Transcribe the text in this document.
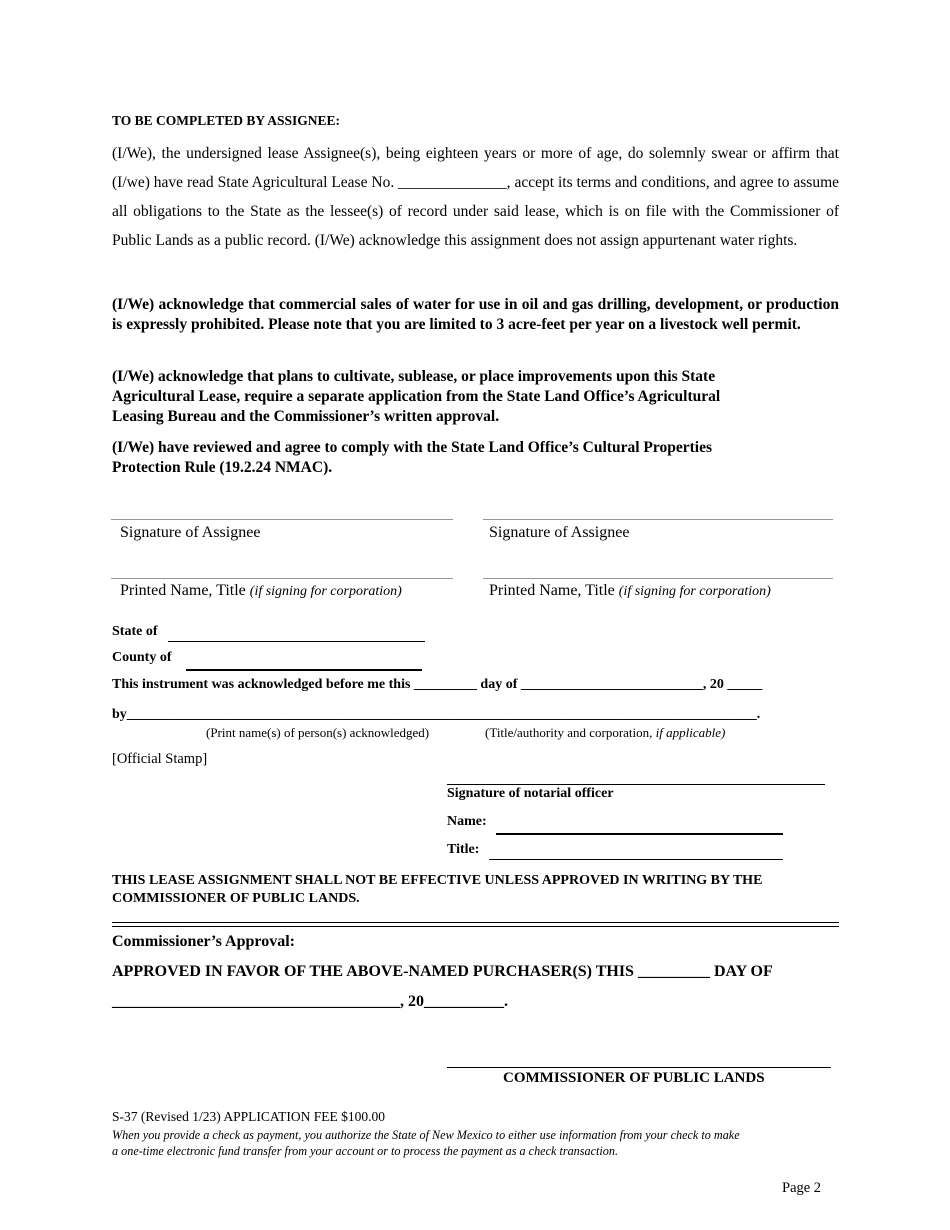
TO BE COMPLETED BY ASSIGNEE:
(I/We), the undersigned lease Assignee(s), being eighteen years or more of age, do solemnly swear or affirm that (I/we) have read State Agricultural Lease No. ______________, accept its terms and conditions, and agree to assume all obligations to the State as the lessee(s) of record under said lease, which is on file with the Commissioner of Public Lands as a public record. (I/We) acknowledge this assignment does not assign appurtenant water rights.
(I/We) acknowledge that commercial sales of water for use in oil and gas drilling, development, or production is expressly prohibited. Please note that you are limited to 3 acre-feet per year on a livestock well permit.
(I/We) acknowledge that plans to cultivate, sublease, or place improvements upon this State
Agricultural Lease, require a separate application from the State Land Office’s Agricultural
Leasing Bureau and the Commissioner’s written approval.
(I/We) have reviewed and agree to comply with the State Land Office’s Cultural Properties
Protection Rule (19.2.24 NMAC).
Signature of Assignee	Signature of Assignee
Printed Name, Title (if signing for corporation)	Printed Name, Title (if signing for corporation)
State of
County of
This instrument was acknowledged before me this _________ day of __________________________, 20 _____
by__________________________________________________________________________________________.
(Print name(s) of person(s) acknowledged)	(Title/authority and corporation, if applicable)
[Official Stamp]
Signature of notarial officer
Name:
Title:
THIS LEASE ASSIGNMENT SHALL NOT BE EFFECTIVE UNLESS APPROVED IN WRITING BY THE
COMMISSIONER OF PUBLIC LANDS.
Commissioner’s Approval:
APPROVED IN FAVOR OF THE ABOVE-NAMED PURCHASER(S) THIS _________ DAY OF
____________________________________, 20__________.
COMMISSIONER OF PUBLIC LANDS
S-37 (Revised 1/23) APPLICATION FEE $100.00
When you provide a check as payment, you authorize the State of New Mexico to either use information from your check to make
a one-time electronic fund transfer from your account or to process the payment as a check transaction.
Page 2
